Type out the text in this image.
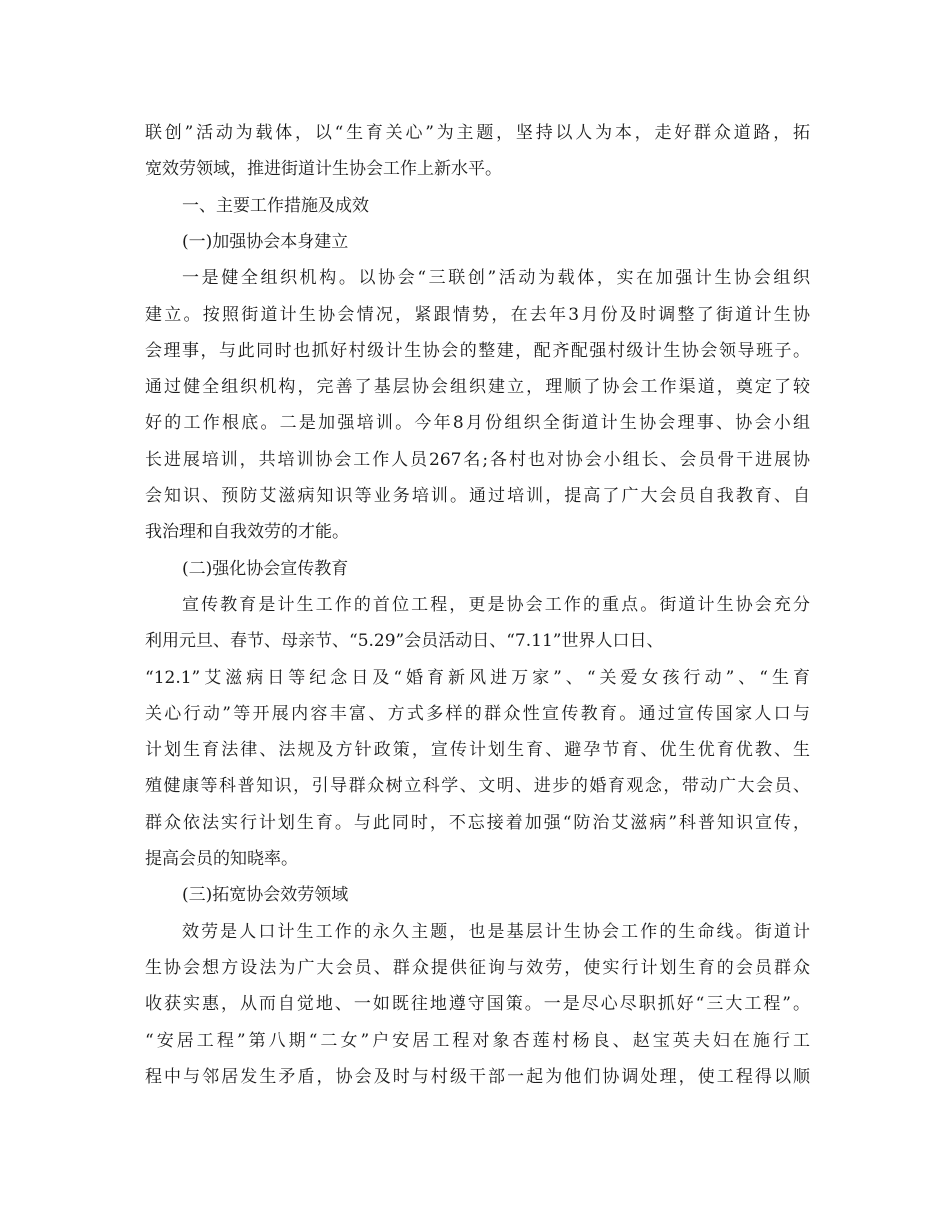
联创”活动为载体，以“生育关心”为主题，坚持以人为本，走好群众道路，拓
宽效劳领域，推进街道计生协会工作上新水平。
一、主要工作措施及成效
(一)加强协会本身建立
一是健全组织机构。以协会“三联创”活动为载体，实在加强计生协会组织
建立。按照街道计生协会情况，紧跟情势，在去年3月份及时调整了街道计生协
会理事，与此同时也抓好村级计生协会的整建，配齐配强村级计生协会领导班子。
通过健全组织机构，完善了基层协会组织建立，理顺了协会工作渠道，奠定了较
好的工作根底。二是加强培训。今年8月份组织全街道计生协会理事、协会小组
长进展培训，共培训协会工作人员267名;各村也对协会小组长、会员骨干进展协
会知识、预防艾滋病知识等业务培训。通过培训，提高了广大会员自我教育、自
我治理和自我效劳的才能。
(二)强化协会宣传教育
宣传教育是计生工作的首位工程，更是协会工作的重点。街道计生协会充分
利用元旦、春节、母亲节、“5.29”会员活动日、“7.11”世界人口日、
“12.1”艾滋病日等纪念日及“婚育新风进万家”、“关爱女孩行动”、“生育
关心行动”等开展内容丰富、方式多样的群众性宣传教育。通过宣传国家人口与
计划生育法律、法规及方针政策，宣传计划生育、避孕节育、优生优育优教、生
殖健康等科普知识，引导群众树立科学、文明、进步的婚育观念，带动广大会员、
群众依法实行计划生育。与此同时，不忘接着加强“防治艾滋病”科普知识宣传，
提高会员的知晓率。
(三)拓宽协会效劳领域
效劳是人口计生工作的永久主题，也是基层计生协会工作的生命线。街道计
生协会想方设法为广大会员、群众提供征询与效劳，使实行计划生育的会员群众
收获实惠，从而自觉地、一如既往地遵守国策。一是尽心尽职抓好“三大工程”。
“安居工程”第八期“二女”户安居工程对象杏莲村杨良、赵宝英夫妇在施行工
程中与邻居发生矛盾，协会及时与村级干部一起为他们协调处理，使工程得以顺
